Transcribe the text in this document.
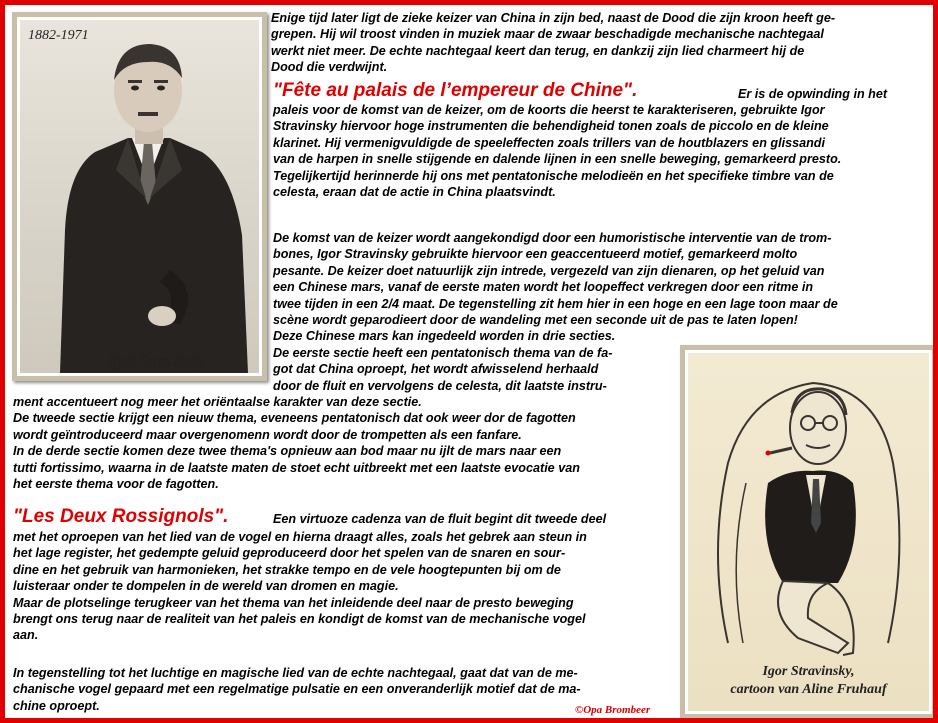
1882-1971
Igor Stravinsky
Igor Stravinsky,
cartoon van Aline Fruhauf
Enige tijd later ligt de zieke keizer van China in zijn bed, naast de Dood die zijn kroon heeft ge-
grepen. Hij wil troost vinden in muziek maar de zwaar beschadigde mechanische nachtegaal
werkt niet meer. De echte nachtegaal keert dan terug, en dankzij zijn lied charmeert hij de
Dood die verdwijnt.
"Fête au palais de l’empereur de Chine".	Er is de opwinding in het
paleis voor de komst van de keizer, om de koorts die heerst te karakteriseren, gebruikte Igor
Stravinsky hiervoor hoge instrumenten die behendigheid tonen zoals de piccolo en de kleine
klarinet. Hij vermenigvuldigde de speeleffecten zoals trillers van de houtblazers en glissandi
van de harpen in snelle stijgende en dalende lijnen in een snelle beweging, gemarkeerd presto.
Tegelijkertijd herinnerde hij ons met pentatonische melodieën en het specifieke timbre van de
celesta, eraan dat de actie in China plaatsvindt.
De komst van de keizer wordt aangekondigd door een humoristische interventie van de trom-
bones, Igor Stravinsky gebruikte hiervoor een geaccentueerd motief, gemarkeerd molto
pesante. De keizer doet natuurlijk zijn intrede, vergezeld van zijn dienaren, op het geluid van
een Chinese mars, vanaf de eerste maten wordt het loopeffect verkregen door een ritme in
twee tijden in een 2/4 maat. De tegenstelling zit hem hier in een hoge en een lage toon maar de
scène wordt geparodieert door de wandeling met een seconde uit de pas te laten lopen!
Deze Chinese mars kan ingedeeld worden in drie secties.
De eerste sectie heeft een pentatonisch thema van de fa-
got dat China oproept, het wordt afwisselend herhaald
door de fluit en vervolgens de celesta, dit laatste instru-
ment accentueert nog meer het oriëntaalse karakter van deze sectie.
De tweede sectie krijgt een nieuw thema, eveneens pentatonisch dat ook weer dor de fagotten
wordt geïntroduceerd maar overgenomenn wordt door de trompetten als een fanfare.
In de derde sectie komen deze twee thema's opnieuw aan bod maar nu ijlt de mars naar een
tutti fortissimo, waarna in de laatste maten de stoet echt uitbreekt met een laatste evocatie van
het eerste thema voor de fagotten.
"Les Deux Rossignols".	Een virtuoze cadenza van de fluit begint dit tweede deel
met het oproepen van het lied van de vogel en hierna draagt alles, zoals het gebrek aan steun in
het lage register, het gedempte geluid geproduceerd door het spelen van de snaren en sour-
dine en het gebruik van harmonieken, het strakke tempo en de vele hoogtepunten bij om de
luisteraar onder te dompelen in de wereld van dromen en magie.
Maar de plotselinge terugkeer van het thema van het inleidende deel naar de presto beweging
brengt ons terug naar de realiteit van het paleis en kondigt de komst van de mechanische vogel
aan.
In tegenstelling tot het luchtige en magische lied van de echte nachtegaal, gaat dat van de me-
chanische vogel gepaard met een regelmatige pulsatie en een onveranderlijk motief dat de ma-
chine oproept.	©Opa Brombeer
